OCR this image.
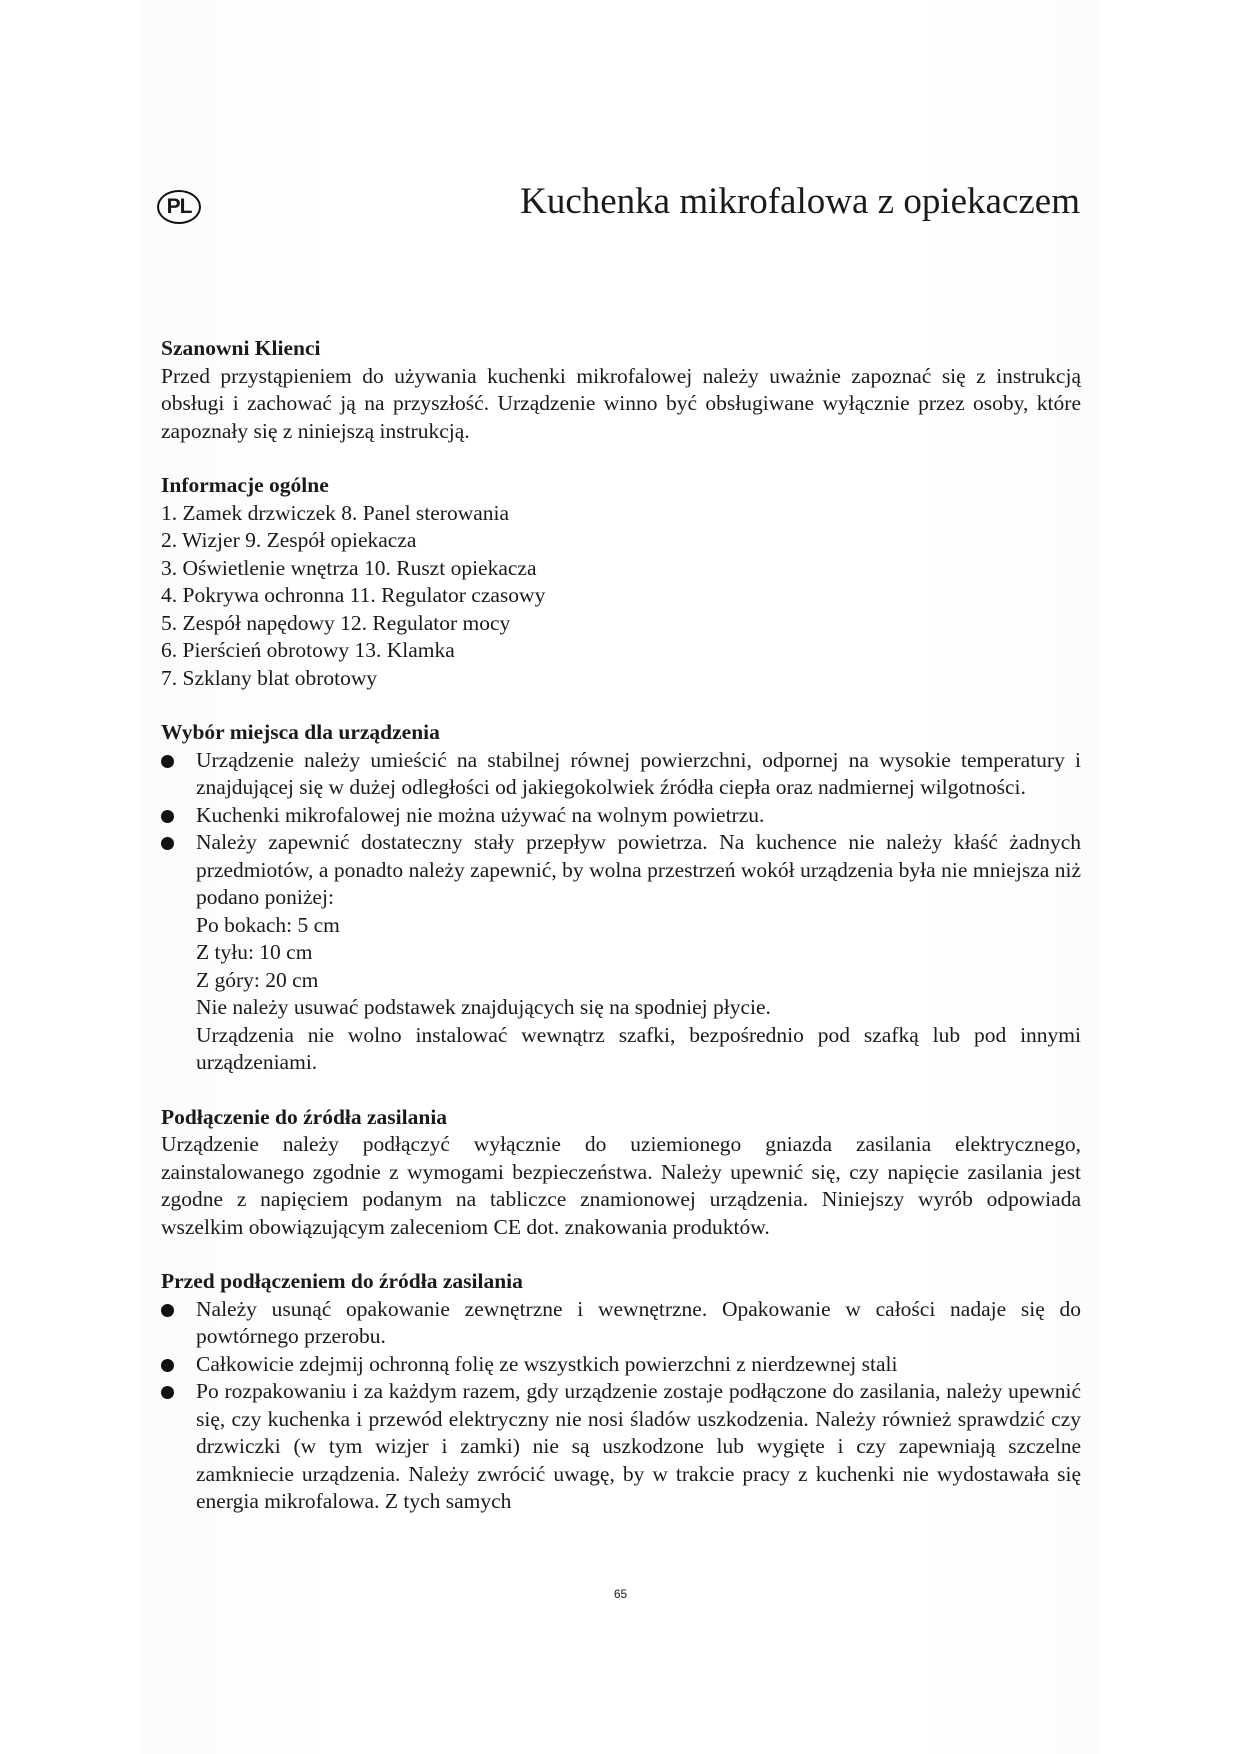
PL	Kuchenka mikrofalowa z opiekaczem
Szanowni Klienci

Przed przystąpieniem do używania kuchenki mikrofalowej należy uważnie zapoznać się z instrukcją obsługi i zachować ją na przyszłość. Urządzenie winno być obsługiwane wyłącznie przez osoby, które zapoznały się z niniejszą instrukcją.

Informacje ogólne
1. Zamek drzwiczek 8. Panel sterowania
2. Wizjer 9. Zespół opiekacza
3. Oświetlenie wnętrza 10. Ruszt opiekacza
4. Pokrywa ochronna 11. Regulator czasowy
5. Zespół napędowy 12. Regulator mocy
6. Pierścień obrotowy 13. Klamka
7. Szklany blat obrotowy
Wybór miejsca dla urządzenia
Urządzenie należy umieścić na stabilnej równej powierzchni, odpornej na wysokie temperatury i znajdującej się w dużej odległości od jakiegokolwiek źródła ciepła oraz nadmiernej wilgotności.
Kuchenki mikrofalowej nie można używać na wolnym powietrzu.
Należy zapewnić dostateczny stały przepływ powietrza. Na kuchence nie należy kłaść żadnych przedmiotów, a ponadto należy zapewnić, by wolna przestrzeń wokół urządzenia była nie mniejsza niż podano poniżej:
Po bokach: 5 cm
Z tyłu: 10 cm
Z góry: 20 cm
Nie należy usuwać podstawek znajdujących się na spodniej płycie.
Urządzenia nie wolno instalować wewnątrz szafki, bezpośrednio pod szafką lub pod innymi urządzeniami.
Podłączenie do źródła zasilania

Urządzenie należy podłączyć wyłącznie do uziemionego gniazda zasilania elektrycznego, zainstalowanego zgodnie z wymogami bezpieczeństwa. Należy upewnić się, czy napięcie zasilania jest zgodne z napięciem podanym na tabliczce znamionowej urządzenia. Niniejszy wyrób odpowiada wszelkim obowiązującym zaleceniom CE dot. znakowania produktów.

Przed podłączeniem do źródła zasilania
Należy usunąć opakowanie zewnętrzne i wewnętrzne. Opakowanie w całości nadaje się do powtórnego przerobu.
Całkowicie zdejmij ochronną folię ze wszystkich powierzchni z nierdzewnej stali
Po rozpakowaniu i za każdym razem, gdy urządzenie zostaje podłączone do zasilania, należy upewnić się, czy kuchenka i przewód elektryczny nie nosi śladów uszkodzenia. Należy również sprawdzić czy drzwiczki (w tym wizjer i zamki) nie są uszkodzone lub wygięte i czy zapewniają szczelne zamkniecie urządzenia. Należy zwrócić uwagę, by w trakcie pracy z kuchenki nie wydostawała się energia mikrofalowa. Z tych samych
65
